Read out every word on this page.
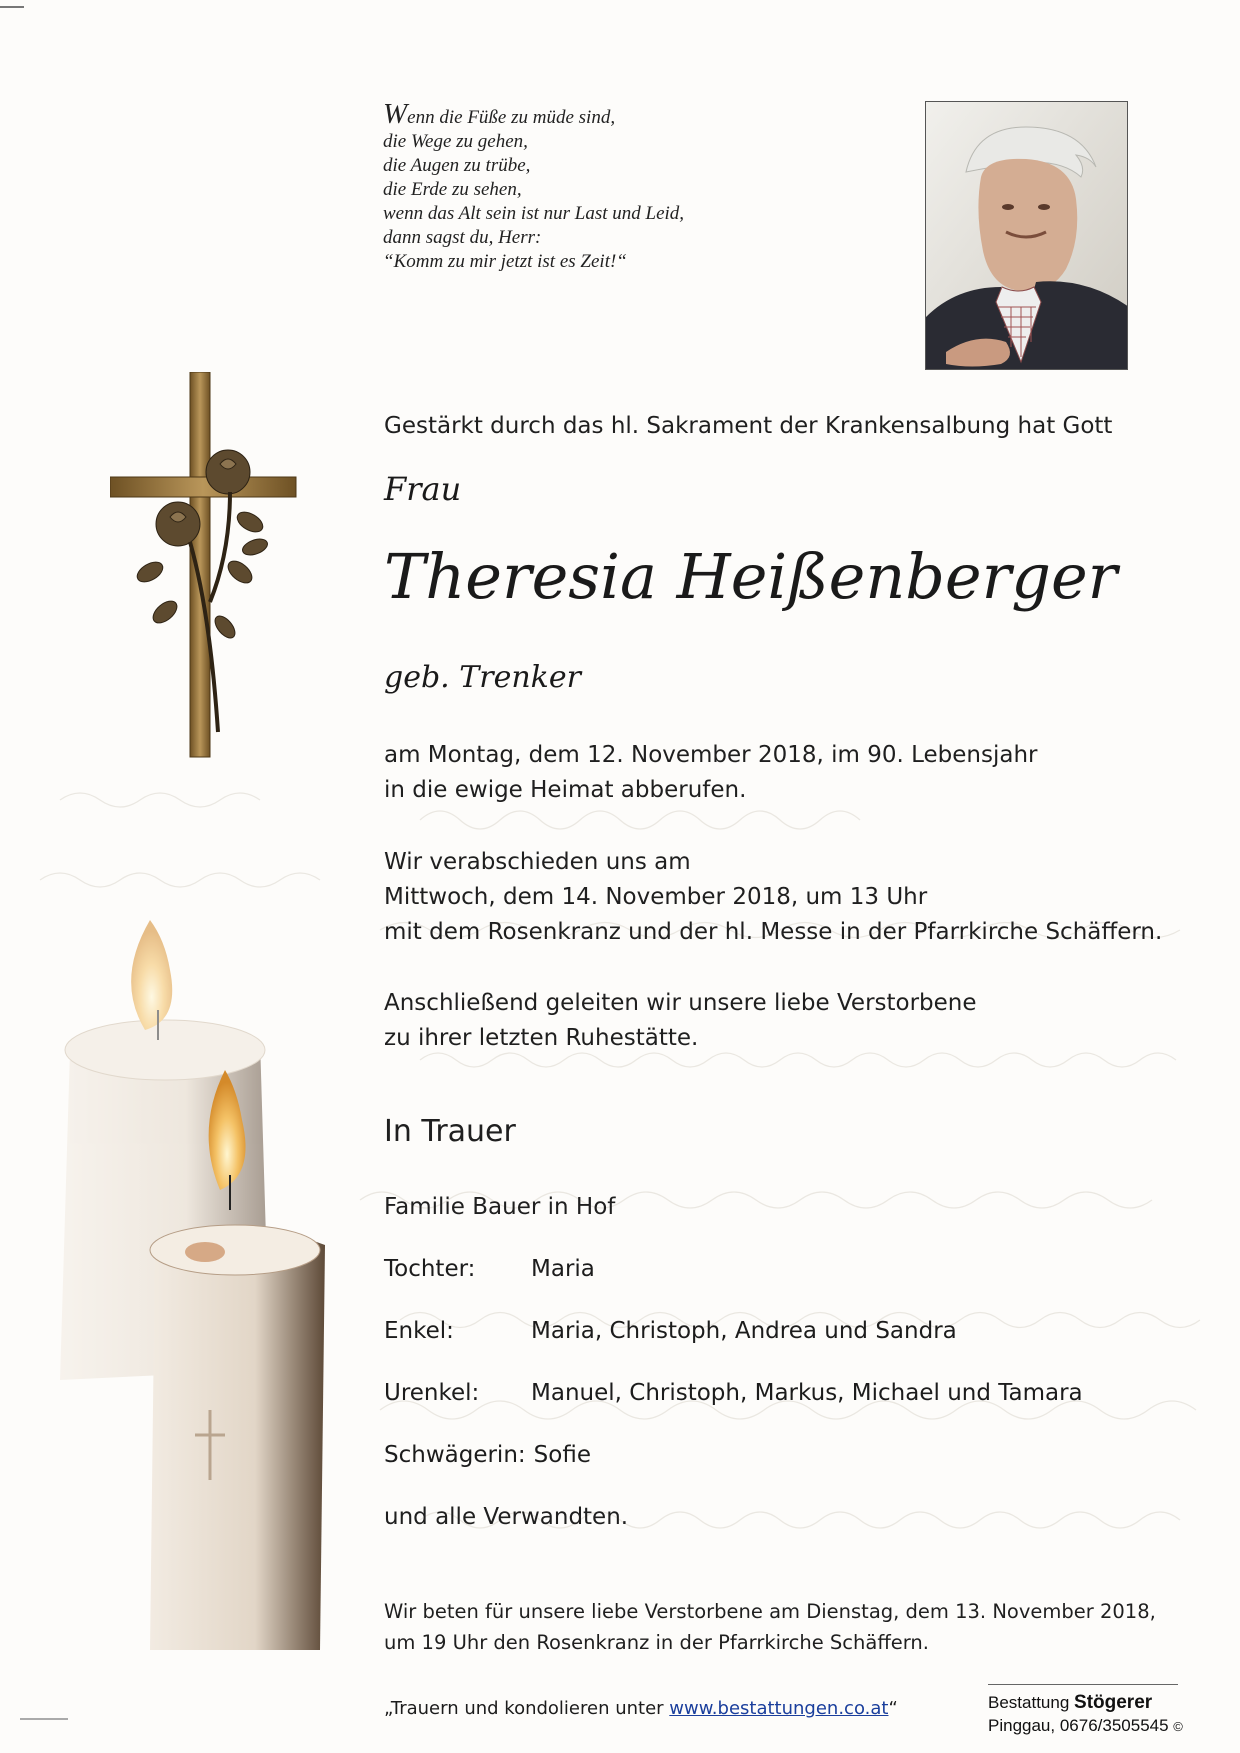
Wenn die Füße zu müde sind,
die Wege zu gehen,
die Augen zu trübe,
die Erde zu sehen,
wenn das Alt sein ist nur Last und Leid,
dann sagst du, Herr:
“Komm zu mir jetzt ist es Zeit!“
Gestärkt durch das hl. Sakrament der Krankensalbung hat Gott
Frau
Theresia Heißenberger
geb. Trenker
am Montag, dem 12. November 2018, im 90. Lebensjahr
in die ewige Heimat abberufen.
Wir verabschieden uns am
Mittwoch, dem 14. November 2018, um 13 Uhr
mit dem Rosenkranz und der hl. Messe in der Pfarrkirche Schäffern.
Anschließend geleiten wir unsere liebe Verstorbene
zu ihrer letzten Ruhestätte.
In Trauer
Familie Bauer in Hof
Tochter: Maria
Enkel:	Maria, Christoph, Andrea und Sandra
Urenkel: Manuel, Christoph, Markus, Michael und Tamara
Schwägerin: Sofie
und alle Verwandten.
Wir beten für unsere liebe Verstorbene am Dienstag, dem 13. November 2018,
um 19 Uhr den Rosenkranz in der Pfarrkirche Schäffern.
„Trauern und kondolieren unter www.bestattungen.co.at“	Bestattung Stögerer
Pinggau, 0676/3505545 ©
